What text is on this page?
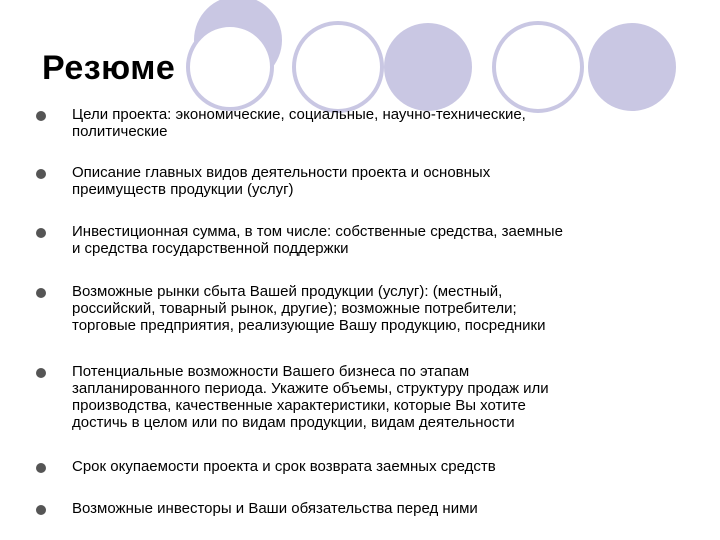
Резюме
Цели проекта: экономические, социальные, научно-технические,
политические
Описание главных видов деятельности проекта и основных
преимуществ продукции (услуг)
Инвестиционная сумма, в том числе: собственные средства, заемные
и средства государственной поддержки
Возможные рынки сбыта Вашей продукции (услуг): (местный,
российский, товарный рынок, другие); возможные потребители;
торговые предприятия, реализующие Вашу продукцию, посредники
Потенциальные возможности Вашего бизнеса по этапам
запланированного периода. Укажите объемы, структуру продаж или
производства, качественные характеристики, которые Вы хотите
достичь в целом или по видам продукции, видам деятельности
Срок окупаемости проекта и срок возврата заемных средств
Возможные инвесторы и Ваши обязательства перед ними
